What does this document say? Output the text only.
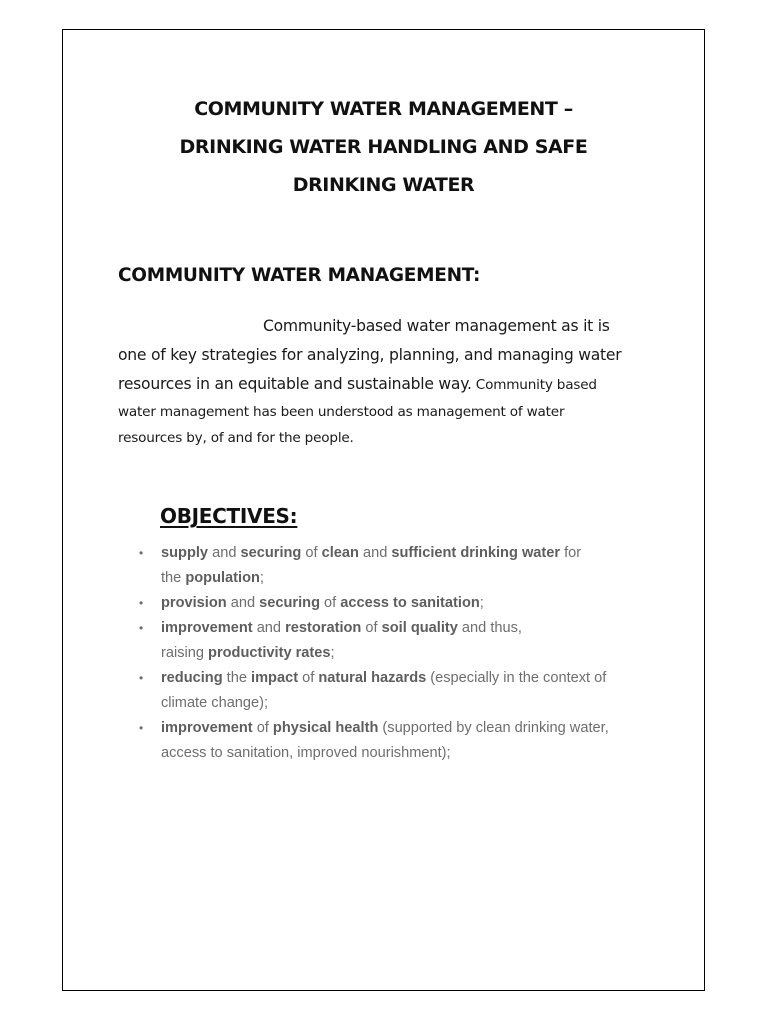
COMMUNITY WATER MANAGEMENT –
DRINKING WATER HANDLING AND SAFE
DRINKING WATER
COMMUNITY WATER MANAGEMENT:
Community-based water management as it is
one of key strategies for analyzing, planning, and managing water
resources in an equitable and sustainable way. Community based
water management has been understood as management of water
resources by, of and for the people.
OBJECTIVES:
• supply and securing of clean and sufficient drinking water for
the population;
• provision and securing of access to sanitation;
• improvement and restoration of soil quality and thus,
raising productivity rates;
• reducing the impact of natural hazards (especially in the context of
climate change);
• improvement of physical health (supported by clean drinking water,
access to sanitation, improved nourishment);
